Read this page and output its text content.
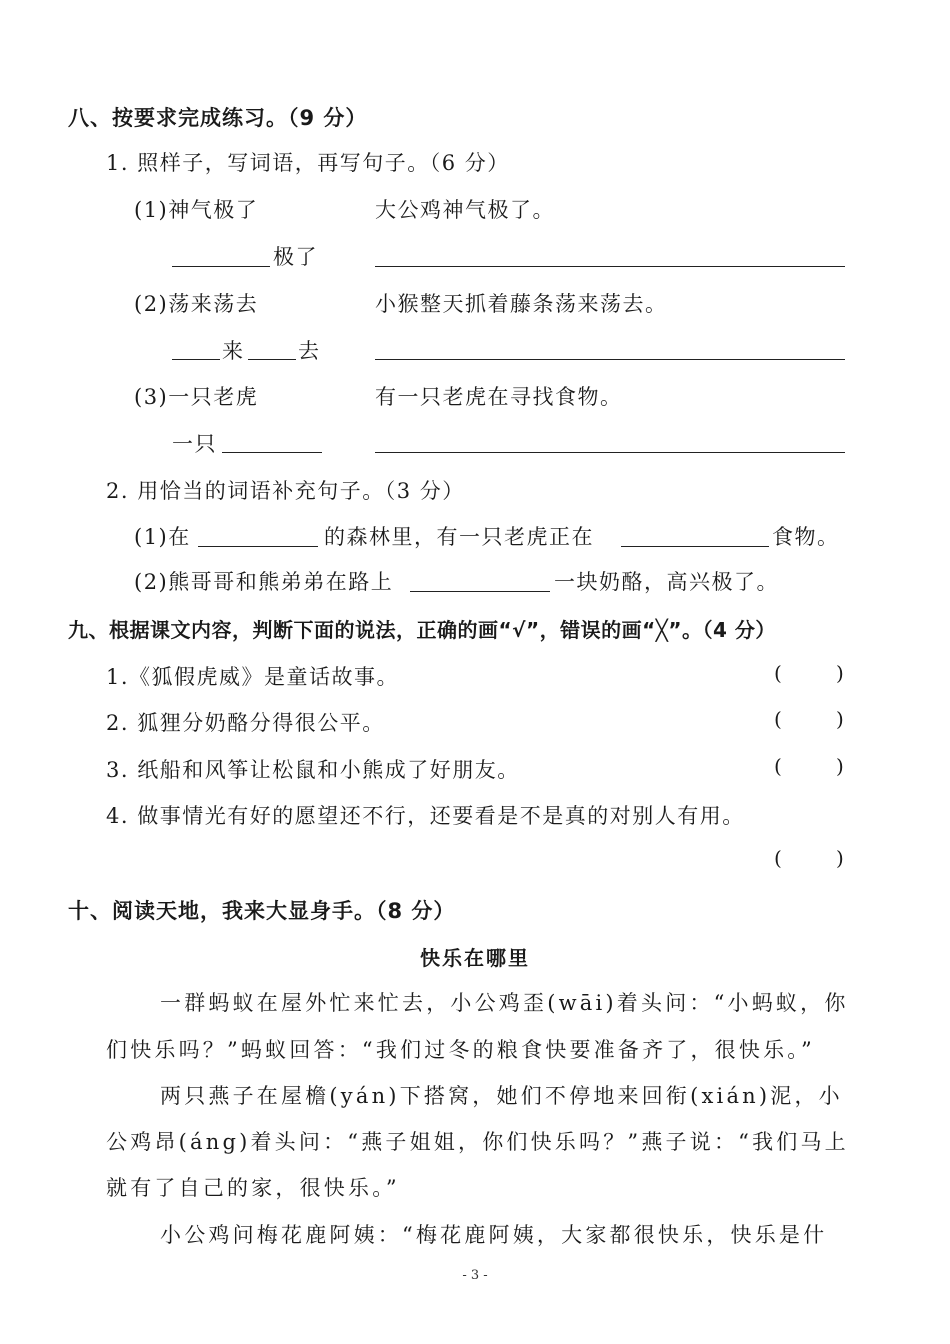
八、按要求完成练习。（9 分）
1. 照样子，写词语，再写句子。（6 分）
(1)神气极了	大公鸡神气极了。
极了
(2)荡来荡去	小猴整天抓着藤条荡来荡去。
来	去
(3)一只老虎	有一只老虎在寻找食物。
一只
2. 用恰当的词语补充句子。（3 分）
(1)在	的森林里，有一只老虎正在	食物。
(2)熊哥哥和熊弟弟在路上	一块奶酪，高兴极了。
九、根据课文内容，判断下面的说法，正确的画“√”，错误的画“╳”。（4 分）
1.《狐假虎威》是童话故事。	(	)
2. 狐狸分奶酪分得很公平。	(	)
3. 纸船和风筝让松鼠和小熊成了好朋友。	(	)
4. 做事情光有好的愿望还不行，还要看是不是真的对别人有用。
(	)
十、阅读天地，我来大显身手。（8 分）
快乐在哪里
一群蚂蚁在屋外忙来忙去，小公鸡歪(wāi)着头问：“小蚂蚁，你
们快乐吗？”蚂蚁回答：“我们过冬的粮食快要准备齐了，很快乐。”
两只燕子在屋檐(yán)下搭窝，她们不停地来回衔(xián)泥，小
公鸡昂(áng)着头问：“燕子姐姐，你们快乐吗？”燕子说：“我们马上
就有了自己的家，很快乐。”
小公鸡问梅花鹿阿姨：“梅花鹿阿姨，大家都很快乐，快乐是什
- 3 -
